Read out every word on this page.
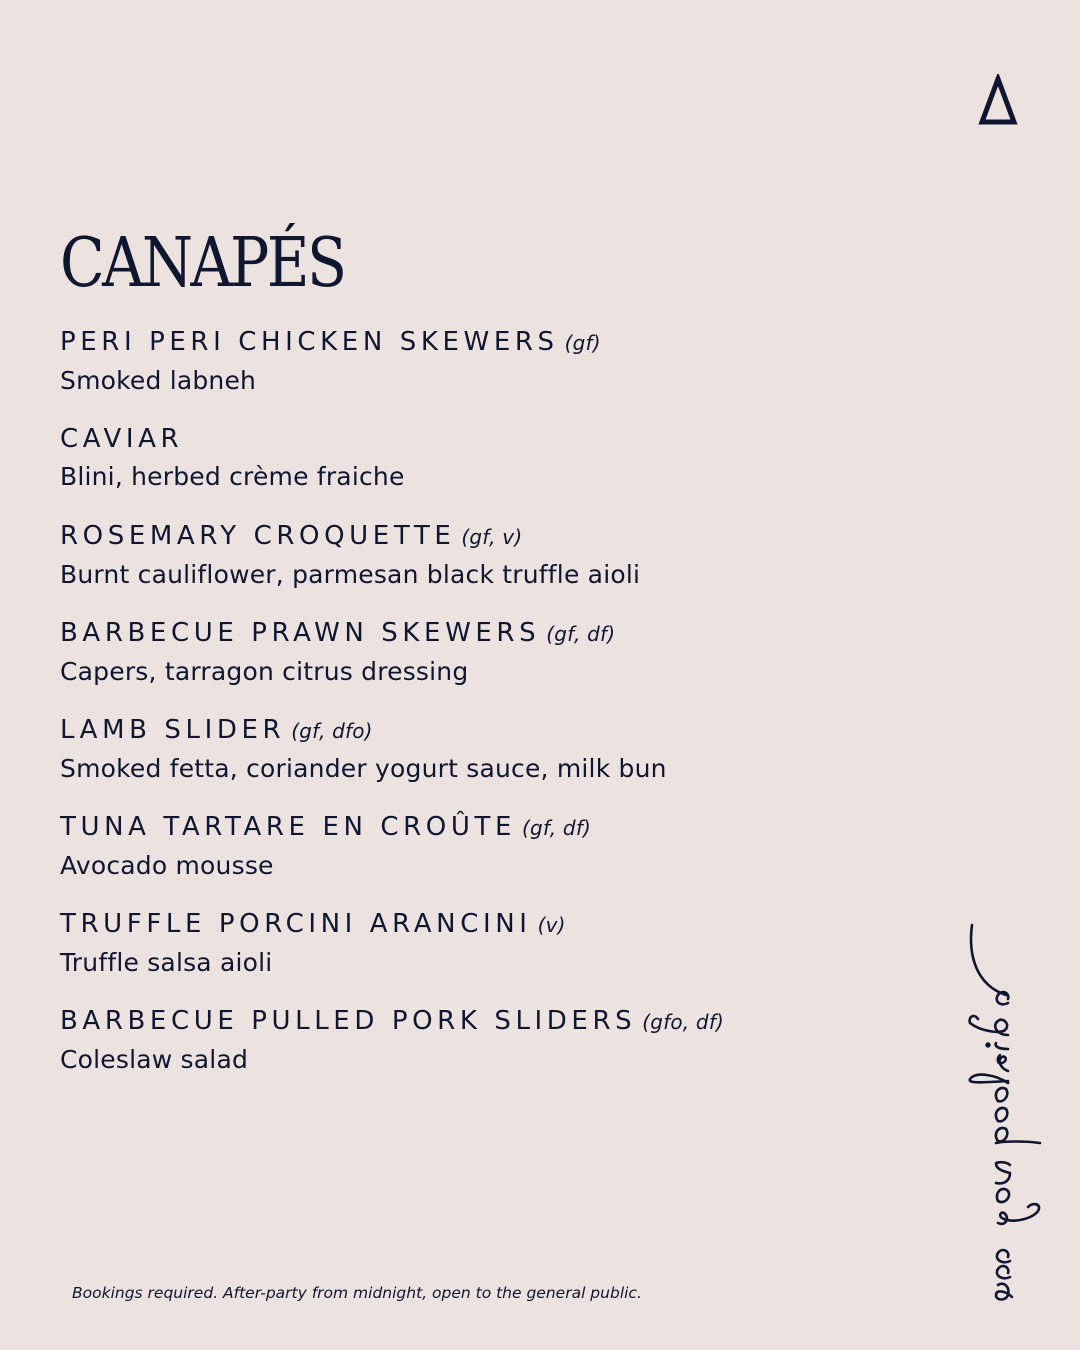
CANAPÉS
PERI PERI CHICKEN SKEWERS (gf)
Smoked labneh
CAVIAR
Blini, herbed crème fraiche
ROSEMARY CROQUETTE (gf, v)
Burnt cauliflower, parmesan black truffle aioli
BARBECUE PRAWN SKEWERS (gf, df)
Capers, tarragon citrus dressing
LAMB SLIDER (gf, dfo)
Smoked fetta, coriander yogurt sauce, milk bun
TUNA TARTARE EN CROÛTE (gf, df)
Avocado mousse
TRUFFLE PORCINI ARANCINI (v)
Truffle salsa aioli
BARBECUE PULLED PORK SLIDERS (gfo, df)
Coleslaw salad

Bookings required. After-party from midnight, open to the general public.
